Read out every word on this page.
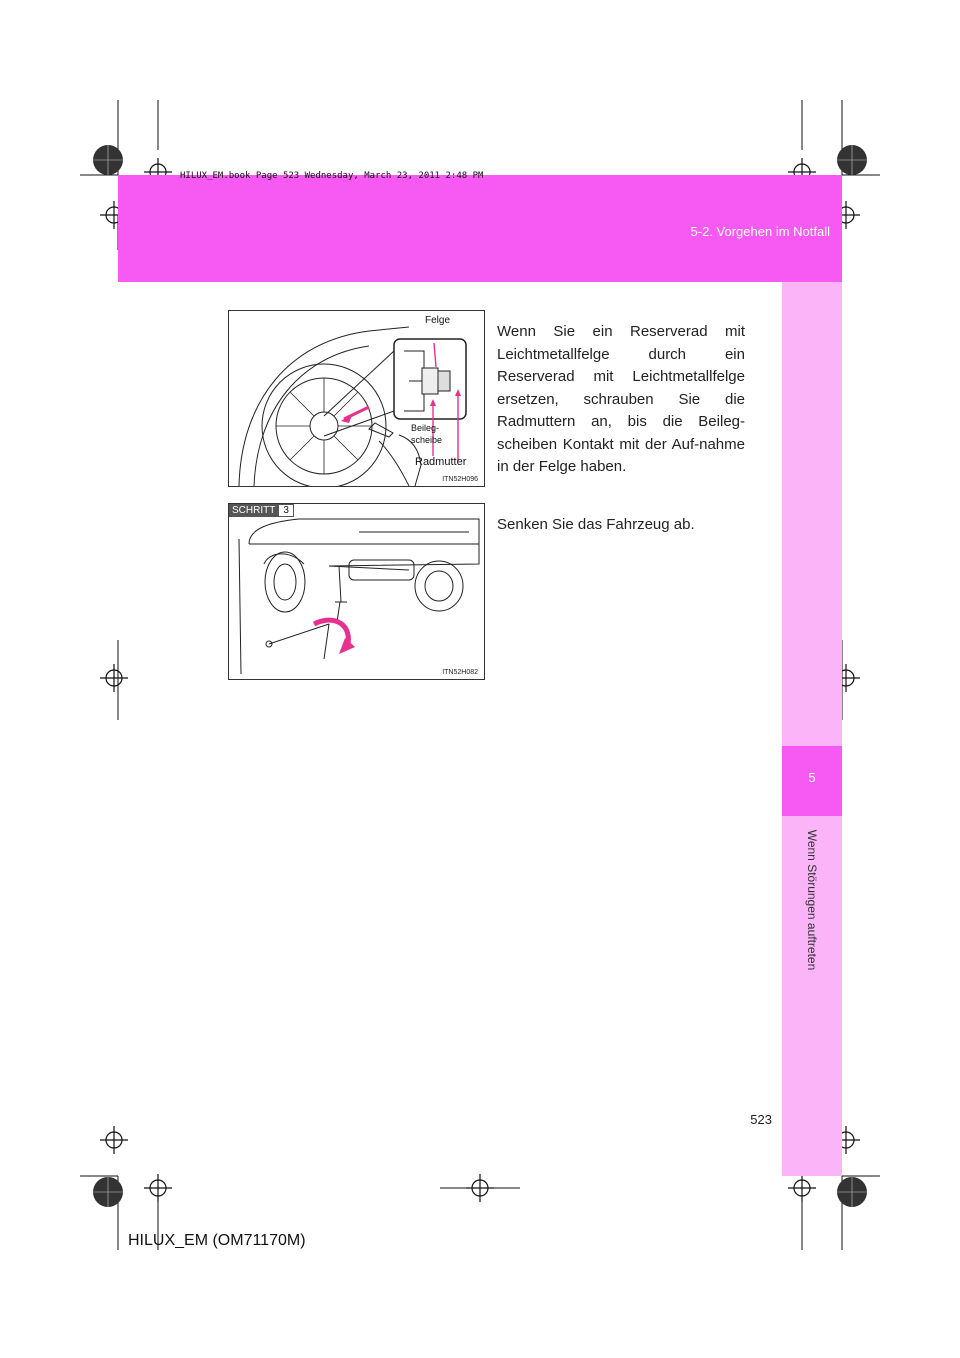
HILUX_EM.book Page 523 Wednesday, March 23, 2011 2:48 PM
5-2. Vorgehen im Notfall
5
Wenn Störungen auftreten
Felge
Beileg-
scheibe
Radmutter
ITN52H096
SCHRITT 3
ITN52H082

Wenn Sie ein Reserverad mit Leichtmetallfelge durch ein Reserverad mit Leichtmetallfelge ersetzen, schrauben Sie die Radmuttern an, bis die Beileg-scheiben Kontakt mit der Auf-nahme in der Felge haben.

Senken Sie das Fahrzeug ab.

523
HILUX_EM (OM71170M)
